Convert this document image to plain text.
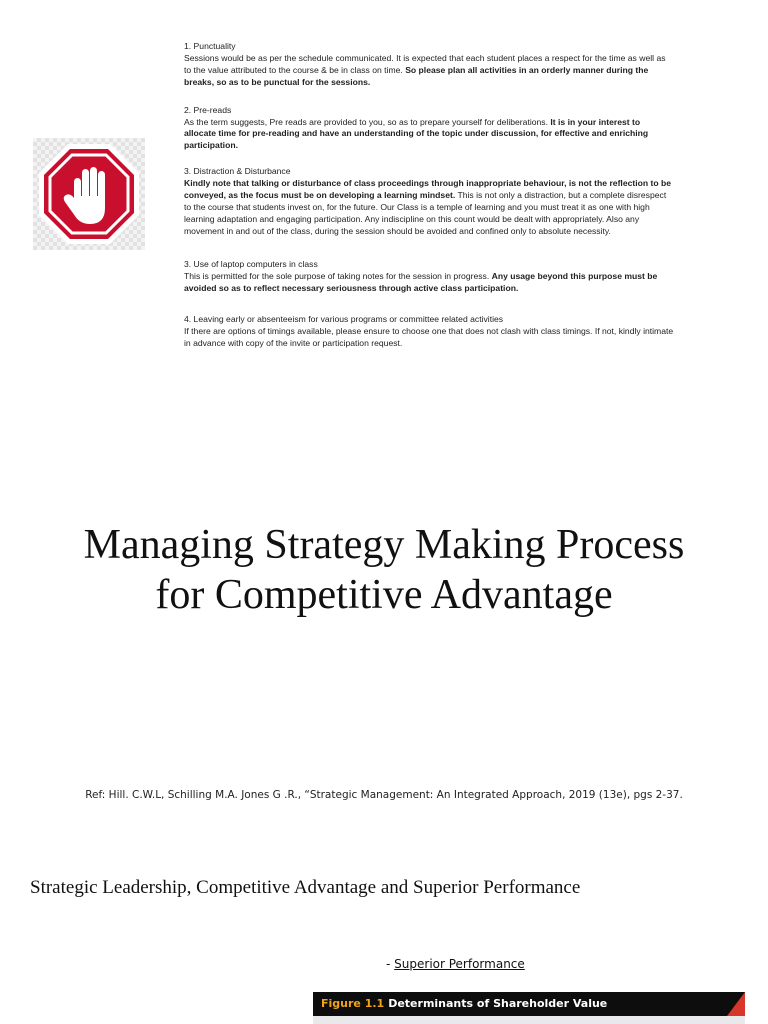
1. Punctuality

Sessions would be as per the schedule communicated. It is expected that each student places a respect for the time as well as to the value attributed to the course & be in class on time. So please plan all activities in an orderly manner during the breaks, so as to be punctual for the sessions.

2. Pre-reads

As the term suggests, Pre reads are provided to you, so as to prepare yourself for deliberations. It is in your interest to allocate time for pre-reading and have an understanding of the topic under discussion, for effective and enriching participation.

3. Distraction & Disturbance

Kindly note that talking or disturbance of class proceedings through inappropriate behaviour, is not the reflection to be conveyed, as the focus must be on developing a learning mindset. This is not only a distraction, but a complete disrespect to the course that students invest on, for the future. Our Class is a temple of learning and you must treat it as one with high learning adaptation and engaging participation. Any indiscipline on this count would be dealt with appropriately. Also any movement in and out of the class, during the session should be avoided and confined only to absolute necessity.

3. Use of laptop computers in class

This is permitted for the sole purpose of taking notes for the session in progress. Any usage beyond this purpose must be avoided so as to reflect necessary seriousness through active class participation.

4. Leaving early or absenteeism for various programs or committee related activities

If there are options of timings available, please ensure to choose one that does not clash with class timings. If not, kindly intimate in advance with copy of the invite or participation request.

Managing Strategy Making Process
for Competitive Advantage

Ref: Hill. C.W.L, Schilling M.A. Jones G .R., “Strategic Management: An Integrated Approach, 2019 (13e), pgs 2-37.

Strategic Leadership, Competitive Advantage and Superior Performance

- Superior Performance

Figure 1.1 Determinants of Shareholder Value
